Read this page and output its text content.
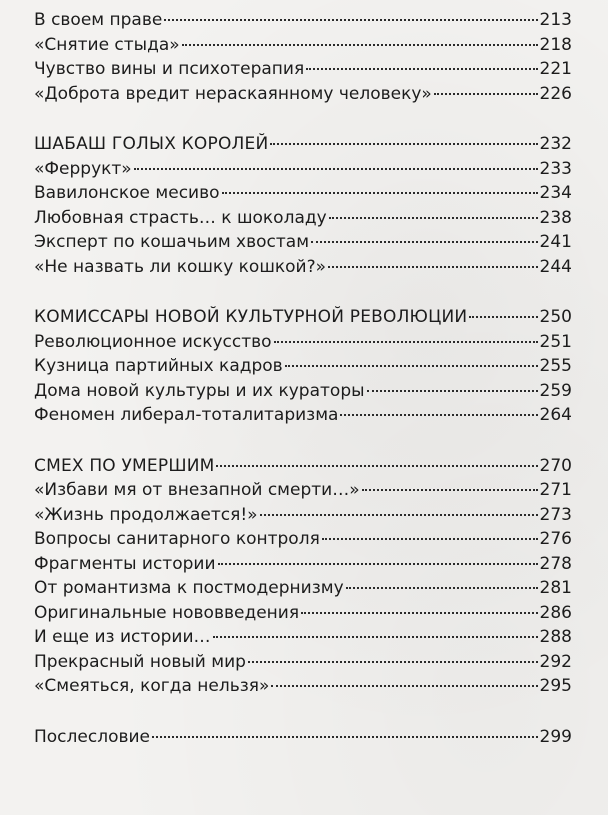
В своем праве	213
«Снятие стыда»	218
Чувство вины и психотерапия	221
«Доброта вредит нераскаянному человеку»	226
ШАБАШ ГОЛЫХ КОРОЛЕЙ	232
«Феррукт»	233
Вавилонское месиво	234
Любовная страсть… к шоколаду	238
Эксперт по кошачьим хвостам	241
«Не назвать ли кошку кошкой?»	244
КОМИССАРЫ НОВОЙ КУЛЬТУРНОЙ РЕВОЛЮЦИИ	250
Революционное искусство	251
Кузница партийных кадров	255
Дома новой культуры и их кураторы	259
Феномен либерал-тоталитаризма	264
СМЕХ ПО УМЕРШИМ	270
«Избави мя от внезапной смерти…»	271
«Жизнь продолжается!»	273
Вопросы санитарного контроля	276
Фрагменты истории	278
От романтизма к постмодернизму	281
Оригинальные нововведения	286
И еще из истории…	288
Прекрасный новый мир	292
«Смеяться, когда нельзя»	295
Послесловие	299
